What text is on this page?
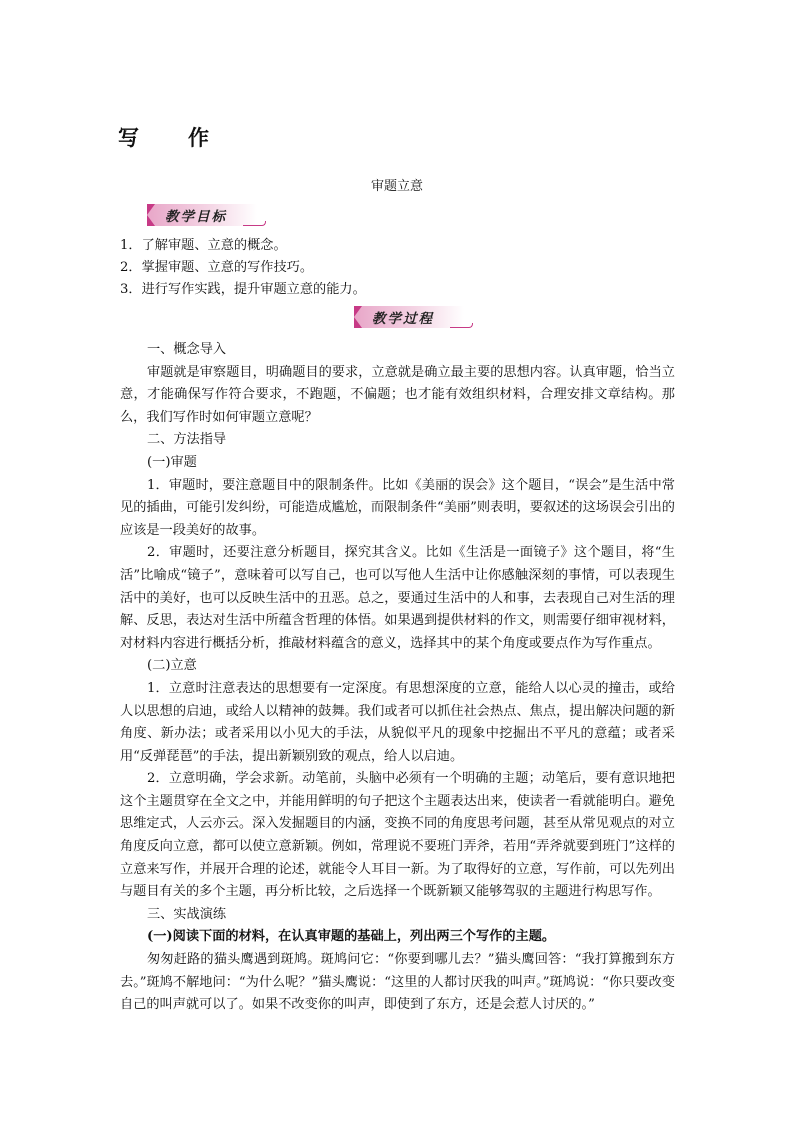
写　作
审题立意
教学目标
1．了解审题、立意的概念。
2．掌握审题、立意的写作技巧。
3．进行写作实践，提升审题立意的能力。
教学过程

一、概念导入

审题就是审察题目，明确题目的要求，立意就是确立最主要的思想内容。认真审题，恰当立意，才能确保写作符合要求，不跑题，不偏题；也才能有效组织材料，合理安排文章结构。那么，我们写作时如何审题立意呢？

二、方法指导

(一)审题

1．审题时，要注意题目中的限制条件。比如《美丽的误会》这个题目，“误会”是生活中常见的插曲，可能引发纠纷，可能造成尴尬，而限制条件“美丽”则表明，要叙述的这场误会引出的应该是一段美好的故事。

2．审题时，还要注意分析题目，探究其含义。比如《生活是一面镜子》这个题目，将“生活”比喻成“镜子”，意味着可以写自己，也可以写他人生活中让你感触深刻的事情，可以表现生活中的美好，也可以反映生活中的丑恶。总之，要通过生活中的人和事，去表现自己对生活的理解、反思，表达对生活中所蕴含哲理的体悟。如果遇到提供材料的作文，则需要仔细审视材料，对材料内容进行概括分析，推敲材料蕴含的意义，选择其中的某个角度或要点作为写作重点。

(二)立意

1．立意时注意表达的思想要有一定深度。有思想深度的立意，能给人以心灵的撞击，或给人以思想的启迪，或给人以精神的鼓舞。我们或者可以抓住社会热点、焦点，提出解决问题的新角度、新办法；或者采用以小见大的手法，从貌似平凡的现象中挖掘出不平凡的意蕴；或者采用“反弹琵琶”的手法，提出新颖别致的观点，给人以启迪。

2．立意明确，学会求新。动笔前，头脑中必须有一个明确的主题；动笔后，要有意识地把这个主题贯穿在全文之中，并能用鲜明的句子把这个主题表达出来，使读者一看就能明白。避免思维定式，人云亦云。深入发掘题目的内涵，变换不同的角度思考问题，甚至从常见观点的对立角度反向立意，都可以使立意新颖。例如，常理说不要班门弄斧，若用“弄斧就要到班门”这样的立意来写作，并展开合理的论述，就能令人耳目一新。为了取得好的立意，写作前，可以先列出与题目有关的多个主题，再分析比较，之后选择一个既新颖又能够驾驭的主题进行构思写作。

三、实战演练

(一)阅读下面的材料，在认真审题的基础上，列出两三个写作的主题。

匆匆赶路的猫头鹰遇到斑鸠。斑鸠问它：“你要到哪儿去？”猫头鹰回答：“我打算搬到东方去。”斑鸠不解地问：“为什么呢？”猫头鹰说：“这里的人都讨厌我的叫声。”斑鸠说：“你只要改变自己的叫声就可以了。如果不改变你的叫声，即使到了东方，还是会惹人讨厌的。”
